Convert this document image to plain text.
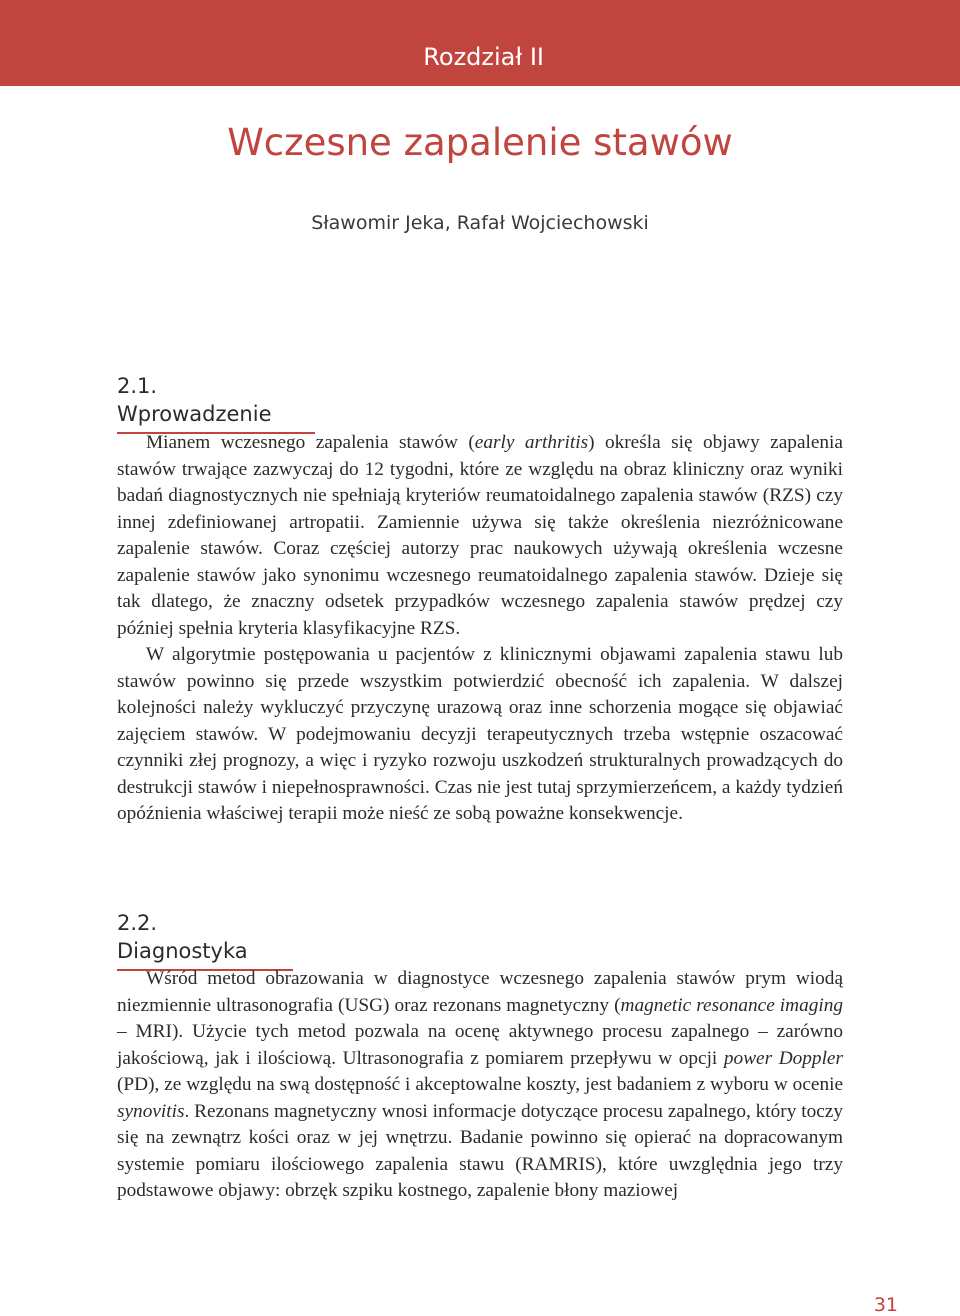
Rozdział II
Wczesne zapalenie stawów
Sławomir Jeka, Rafał Wojciechowski
2.1. Wprowadzenie

Mianem wczesnego zapalenia stawów (early arthritis) określa się objawy zapalenia stawów trwające zazwyczaj do 12 tygodni, które ze względu na obraz kliniczny oraz wyniki badań diagnostycznych nie spełniają kryteriów reumatoidalnego zapalenia stawów (RZS) czy innej zdefiniowanej artropatii. Zamiennie używa się także określenia niezróżnicowane zapalenie stawów. Coraz częściej autorzy prac naukowych używają określenia wczesne zapalenie stawów jako synonimu wczesnego reumatoidalnego zapalenia stawów. Dzieje się tak dlatego, że znaczny odsetek przypadków wczesnego zapalenia stawów prędzej czy później spełnia kryteria klasyfikacyjne RZS.

W algorytmie postępowania u pacjentów z klinicznymi objawami zapalenia stawu lub stawów powinno się przede wszystkim potwierdzić obecność ich zapalenia. W dalszej kolejności należy wykluczyć przyczynę urazową oraz inne schorzenia mogące się objawiać zajęciem stawów. W podejmowaniu decyzji terapeutycznych trzeba wstępnie oszacować czynniki złej prognozy, a więc i ryzyko rozwoju uszkodzeń strukturalnych prowadzących do destrukcji stawów i niepełnosprawności. Czas nie jest tutaj sprzymierzeńcem, a każdy tydzień opóźnienia właściwej terapii może nieść ze sobą poważne konsekwencje.

2.2. Diagnostyka

Wśród metod obrazowania w diagnostyce wczesnego zapalenia stawów prym wiodą niezmiennie ultrasonografia (USG) oraz rezonans magnetyczny (magnetic resonance imaging – MRI). Użycie tych metod pozwala na ocenę aktywnego procesu zapalnego – zarówno jakościową, jak i ilościową. Ultrasonografia z pomiarem przepływu w opcji power Doppler (PD), ze względu na swą dostępność i akceptowalne koszty, jest badaniem z wyboru w ocenie synovitis. Rezonans magnetyczny wnosi informacje dotyczące procesu zapalnego, który toczy się na zewnątrz kości oraz w jej wnętrzu. Badanie powinno się opierać na dopracowanym systemie pomiaru ilościowego zapalenia stawu (RAMRIS), które uwzględnia jego trzy podstawowe objawy: obrzęk szpiku kostnego, zapalenie błony maziowej

31
